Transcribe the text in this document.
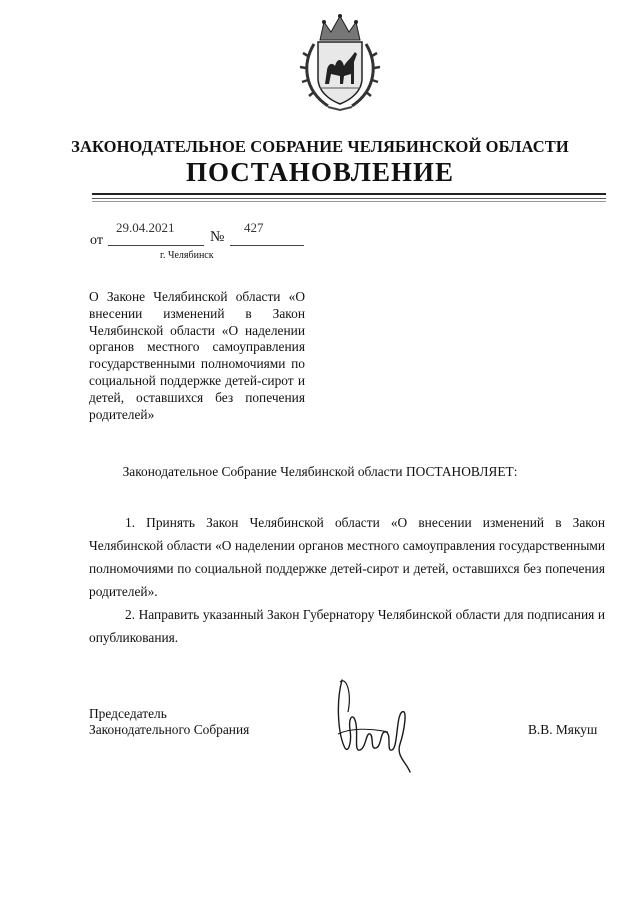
ЗАКОНОДАТЕЛЬНОЕ СОБРАНИЕ ЧЕЛЯБИНСКОЙ ОБЛАСТИ
ПОСТАНОВЛЕНИЕ
от
29.04.2021
№
427
г. Челябинск
О Законе Челябинской области «О внесении изменений в Закон Челябинской области «О наделении органов местного самоуправления государственными полномочиями по социальной поддержке детей-сирот и детей, оставшихся без попечения родителей»
Законодательное Собрание Челябинской области ПОСТАНОВЛЯЕТ:
1. Принять Закон Челябинской области «О внесении изменений в Закон Челябинской области «О наделении органов местного самоуправления государственными полномочиями по социальной поддержке детей-сирот и детей, оставшихся без попечения родителей».
2. Направить указанный Закон Губернатору Челябинской области для подписания и опубликования.
Председатель
Законодательного Собрания	В.В. Мякуш
